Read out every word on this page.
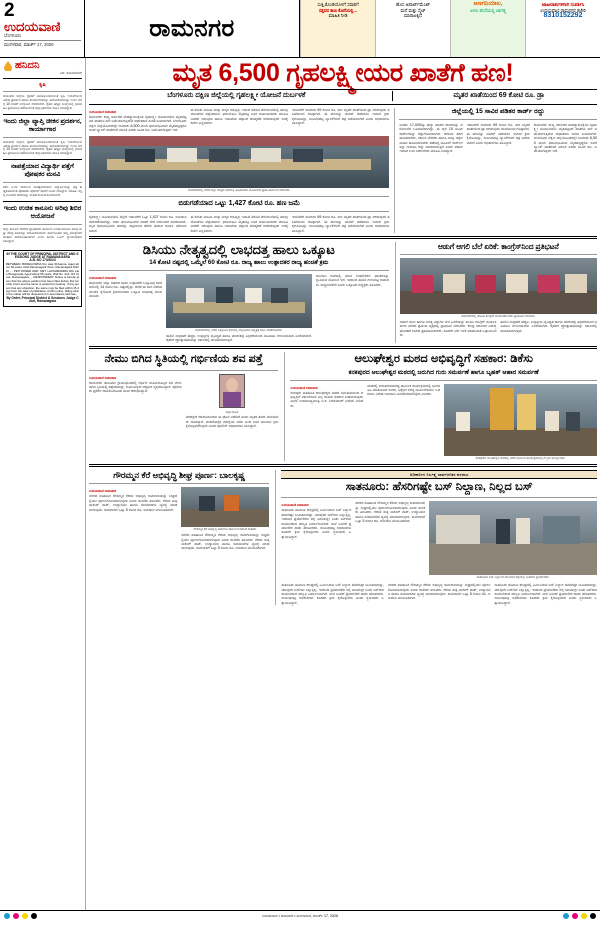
2
ಉದಯವಾಣಿ
ಬೆಂಗಳೂರು
ಮಂಗಳವಾರ, ಮಾರ್ಚ್ 17, 2026
ರಾಮನಗರ
ಸುತ್ತಿ,ಕೊಂಡಿಯೊಳಗೆ ಸವಾರಿಗೆ
ಸತ್ತವರ ಕಾಣ ಕೊನೆಯಲ್ಲಿ...
ಮಾಹಿತಿ ನೀಡಿ
ಹೊಸ ಅಪಾರ್ಟ್‌ಮೆಂಟ್
ಮನೆ ಮತ್ತು ಸೈಟ್
ಮಾರಾಟಕ್ಕಿದೆ
ಆಣಗನಿಯಾಲ,
ಏಳಲ ಹುದೆಯಲ್ಲಿ ಜಾಗತ್ಯ
ಜಾಹೀರಾತುಗಳಿಗಾಗಿ ಸಂಪರ್ಕಿಸಿ
ಉದಯವಾಣಿ ರಾಮನಗರ ಕಚೇರಿ
8310152292
ಹನಿದನಿ
ಎಸ್. ಸೋಮಶೇಖರ್
ಕೃಷಿ
ರಾಮನಗರ ಜಿಲ್ಲೆಯ ರೈತರಿಗೆ ಅನುಕೂಲವಾಗುವಂತೆ ಕೃಷಿ ಇಲಾಖೆಯಿಂದ ವಿಶೇಷ ಪ್ರದರ್ಶನ ಹಾಗೂ ಕಾರ್ಯಾಗಾರವನ್ನು ಆಯೋಜಿಸಲಾಗಿದ್ದು ಇಂದು ಬೆಳಗ್ಗೆ 10 ಗಂಟೆಗೆ ಉದ್ಘಾಟನೆ ನೆರವೇರಲಿದೆ. ರೈತರು ಹೆಚ್ಚಿನ ಸಂಖ್ಯೆಯಲ್ಲಿ ಭಾಗವಹಿಸಿ ಪ್ರಯೋಜನ ಪಡೆಯುವಂತೆ ಜಿಲ್ಲಾಧಿಕಾರಿಗಳು ಮನವಿ ಮಾಡಿದ್ದಾರೆ.
ಇಂದು ಜಿಲ್ಲಾ ವ್ಯಾಪ್ತಿ ಚೀಕನ ಪ್ರದರ್ಶನ, ಕಾರ್ಯಾಗಾರ
ರಾಮನಗರ ಜಿಲ್ಲೆಯ ರೈತರಿಗೆ ಅನುಕೂಲವಾಗುವಂತೆ ಕೃಷಿ ಇಲಾಖೆಯಿಂದ ವಿಶೇಷ ಪ್ರದರ್ಶನ ಹಾಗೂ ಕಾರ್ಯಾಗಾರವನ್ನು ಆಯೋಜಿಸಲಾಗಿದ್ದು ಇಂದು ಬೆಳಗ್ಗೆ 10 ಗಂಟೆಗೆ ಉದ್ಘಾಟನೆ ನೆರವೇರಲಿದೆ. ರೈತರು ಹೆಚ್ಚಿನ ಸಂಖ್ಯೆಯಲ್ಲಿ ಭಾಗವಹಿಸಿ ಪ್ರಯೋಜನ ಪಡೆಯುವಂತೆ ಜಿಲ್ಲಾಧಿಕಾರಿಗಳು ಮನವಿ ಮಾಡಿದ್ದಾರೆ.
ನಾಪತ್ತೆಯಾದ ವಿದ್ಯಾರ್ಥಿ ಪತ್ತೆಗೆ ಪೋಷಕರ ಮನವಿ
ಕಳೆದ ಒಂದು ವಾರದಿಂದ ನಾಪತ್ತೆಯಾಗಿರುವ ವಿದ್ಯಾರ್ಥಿಯನ್ನು ಪತ್ತೆ ಹಚ್ಚಿಕೊಡುವಂತೆ ಪೋಷಕರು ಪೊಲೀಸ್ ಠಾಣೆಗೆ ದೂರು ನೀಡಿದ್ದಾರೆ. ಮಾಹಿತಿ ಇದ್ದಲ್ಲಿ ಸಮೀಪದ ಠಾಣೆಯನ್ನು ಸಂಪರ್ಕಿಸುವಂತೆ ಕೋರಲಾಗಿದೆ.
ಇಂದು ಉಚಿತ ಕಾನೂನು ಅರಿವು ಶಿಬಿರ ಆಯೋಜನೆ
ಜಿಲ್ಲಾ ಕಾನೂನು ಸೇವೆಗಳ ಪ್ರಾಧಿಕಾರದ ವತಿಯಿಂದ ಉಚಿತ ಕಾನೂನು ಅರಿವು ಮತ್ತು ನೆರವು ಶಿಬಿರವನ್ನು ಆಯೋಜಿಸಲಾಗಿದೆ. ಸಾರ್ವಜನಿಕರು ತಮ್ಮ ಸಮಸ್ಯೆಗಳಿಗೆ ಪರಿಹಾರ ಪಡೆಯಬಹುದಾಗಿದೆ ಎಂದು ಹಿರಿಯ ಸಿವಿಲ್ ನ್ಯಾಯಾಧೀಶರು ತಿಳಿಸಿದ್ದಾರೆ.
IN THE COURT OF PRINCIPAL DISTRICT AND SESSIONS JUDGE AT RAMANAGARA
A.B. NO 173/2024
BETWEEN: BOREGOWDA S/o Late Shivanna, Aged about 62 years, R/at Ramanagara Town, Ramanagara District … PETITIONER AND: SMT. LAKSHMAMMA W/o Late Boregowda, Aged about 55 years, R/at No. 212, 3rd Cross, Ramanagara … RESPONDENT. Notice is hereby given that the above petition has been filed before this Hon'ble Court and the same is posted for hearing. If any person has any objection, the same may be filed within 15 days from the date of publication of this notice, failing which the matter will be disposed of in accordance with law.
By Order, Principal District & Sessions Judge Court, Ramanagara
ಮೃತ 6,500 ಗೃಹಲಕ್ಷ್ಮೀಯರ ಖಾತೆಗೆ ಹಣ!
ಬೆಂಗಳೂರು ದಕ್ಷಿಣ ಜಿಲ್ಲೆಯಲ್ಲಿ ಗೃಹಲಕ್ಷ್ಮೀ ಯೋಜನೆ ದುರ್ಬಳಕೆ	ಮೃತರ ಖಾತೆಯಿಂದ 69 ಕೋಟಿ ರೂ. ಡ್ರಾ
ಉದಯವಾಣಿ ಸಮಾಚಾರ
ರಾಮನಗರ: ರಾಜ್ಯ ಸರ್ಕಾರದ ಮಹತ್ವಾಕಾಂಕ್ಷೆಯ ಗೃಹಲಕ್ಷ್ಮೀ ಯೋಜನೆಯಡಿ ಮೃತಪಟ್ಟವರ ಖಾತೆಗೂ ಹಣ ಜಮೆಯಾಗುತ್ತಿರುವ ಆಘಾತಕಾರಿ ಸಂಗತಿ ಬಯಲಾಗಿದೆ. ಬೆಂಗಳೂರು ದಕ್ಷಿಣ ಜಿಲ್ಲೆಯೊಂದರಲ್ಲೇ ಸುಮಾರು 6,500 ಮಂದಿ ಫಲಾನುಭವಿಗಳು ಮೃತಪಟ್ಟಿದ್ದರೂ ಅವರ ಬ್ಯಾಂಕ್ ಖಾತೆಗಳಿಗೆ ಮಾಸಿಕ ಎರಡು ಸಾವಿರ ರೂ. ಜಮೆಯಾಗುತ್ತಲೇ ಇದೆ.
ಈ ಕುರಿತು ಮಹಿಳಾ ಮತ್ತು ಮಕ್ಕಳ ಅಭಿವೃದ್ಧಿ ಇಲಾಖೆ ನಡೆಸಿದ ಪರಿಶೀಲನೆಯಲ್ಲಿ ಹಲವು ಲೋಪಗಳು ಪತ್ತೆಯಾಗಿವೆ. ಫಲಾನುಭವಿ ಮೃತಪಟ್ಟ ಬಳಿಕ ಕುಟುಂಬದವರು ಮಾಹಿತಿ ನೀಡದೇ ಇರುವುದು ಹಾಗೂ ಇಲಾಖೆಯ ದತ್ತಾಂಶ ಪರಿಷ್ಕರಣೆ ಆಗದಿರುವುದೇ ಇದಕ್ಕೆ ಕಾರಣ ಎನ್ನಲಾಗಿದೆ.
ಇದುವರೆಗೆ ಸುಮಾರು 69 ಕೋಟಿ ರೂ. ಹಣ ಮೃತರ ಖಾತೆಗಳಿಂದ ಡ್ರಾ ಆಗಿರುವುದು ತನಿಖೆಯಿಂದ ಗೊತ್ತಾಗಿದೆ. ಈ ಹಣವನ್ನು ವಾಪಸ್ ಪಡೆಯಲು ಇಲಾಖೆ ಕ್ರಮ ಕೈಗೊಂಡಿದ್ದು, ಸಂಬಂಧಪಟ್ಟ ಬ್ಯಾಂಕ್‌ಗಳಿಗೆ ಪತ್ರ ಬರೆಯಲಾಗಿದೆ ಎಂದು ಅಧಿಕಾರಿಗಳು ತಿಳಿಸಿದ್ದಾರೆ.
ರಾಮನಗರದಲ್ಲಿ ನಡೆದ ಜಿಲ್ಲಾ ಮಟ್ಟದ ಸಭೆಯಲ್ಲಿ ಅಧಿಕಾರಿಗಳು ಯೋಜನೆಯ ಪ್ರಗತಿ ಪರಿಶೀಲನೆ ನಡೆಸಿದರು.
ಬಿಡುಗಡೆಯಾದ ಒಟ್ಟು 1,427 ಕೋಟಿ ರೂ. ಹಣ ಜಮೆ
ಗೃಹಲಕ್ಷ್ಮೀ ಯೋಜನೆಯಡಿ ಜಿಲ್ಲೆಗೆ ಇದುವರೆಗೆ ಒಟ್ಟು 1,427 ಕೋಟಿ ರೂ. ಅನುದಾನ ಬಿಡುಗಡೆಯಾಗಿದ್ದು, ಅರ್ಹ ಫಲಾನುಭವಿಗಳ ಖಾತೆಗೆ ನೇರ ವರ್ಗಾವಣೆ ಮಾಡಲಾಗಿದೆ. ಮೃತ ಫಲಾನುಭವಿಗಳ ಹೆಸರನ್ನು ಪಟ್ಟಿಯಿಂದ ತೆಗೆದು ಹಾಕುವ ಕಾರ್ಯ ಭರದಿಂದ ಸಾಗಿದೆ.
ಈ ಕುರಿತು ಮಹಿಳಾ ಮತ್ತು ಮಕ್ಕಳ ಅಭಿವೃದ್ಧಿ ಇಲಾಖೆ ನಡೆಸಿದ ಪರಿಶೀಲನೆಯಲ್ಲಿ ಹಲವು ಲೋಪಗಳು ಪತ್ತೆಯಾಗಿವೆ. ಫಲಾನುಭವಿ ಮೃತಪಟ್ಟ ಬಳಿಕ ಕುಟುಂಬದವರು ಮಾಹಿತಿ ನೀಡದೇ ಇರುವುದು ಹಾಗೂ ಇಲಾಖೆಯ ದತ್ತಾಂಶ ಪರಿಷ್ಕರಣೆ ಆಗದಿರುವುದೇ ಇದಕ್ಕೆ ಕಾರಣ ಎನ್ನಲಾಗಿದೆ.
ಇದುವರೆಗೆ ಸುಮಾರು 69 ಕೋಟಿ ರೂ. ಹಣ ಮೃತರ ಖಾತೆಗಳಿಂದ ಡ್ರಾ ಆಗಿರುವುದು ತನಿಖೆಯಿಂದ ಗೊತ್ತಾಗಿದೆ. ಈ ಹಣವನ್ನು ವಾಪಸ್ ಪಡೆಯಲು ಇಲಾಖೆ ಕ್ರಮ ಕೈಗೊಂಡಿದ್ದು, ಸಂಬಂಧಪಟ್ಟ ಬ್ಯಾಂಕ್‌ಗಳಿಗೆ ಪತ್ರ ಬರೆಯಲಾಗಿದೆ ಎಂದು ಅಧಿಕಾರಿಗಳು ತಿಳಿಸಿದ್ದಾರೆ.
ಜಿಲ್ಲೆಯಲ್ಲಿ 15 ಸಾವಿರ ಪಡಿತರ ಕಾರ್ಡ್ ರದ್ದು
ಅನರ್ಹ 17,000ಕ್ಕೂ ಹೆಚ್ಚು ಪಡಿತರ ಚೀಟಿಗಳನ್ನು ಪರಿಶೀಲನೆಗೆ ಒಳಪಡಿಸಲಾಗಿದ್ದು, ಈ ಪೈಕಿ 15 ಸಾವಿರ ಕಾರ್ಡ್‌ಗಳನ್ನು ರದ್ದುಗೊಳಿಸಲಾಗಿದೆ. ಆದಾಯ ತೆರಿಗೆ ಪಾವತಿದಾರರು, ಸರ್ಕಾರಿ ನೌಕರರು ಹಾಗೂ ನಾಲ್ಕು ಚಕ್ರದ ವಾಹನ ಹೊಂದಿರುವವರು ಪಡೆದಿದ್ದ ಬಿಪಿಎಲ್ ಕಾರ್ಡ್‌ಗಳನ್ನು ಗುರುತಿಸಿ ರದ್ದು ಮಾಡಲಾಗುತ್ತಿದೆ ಎಂದು ಆಹಾರ ಇಲಾಖೆ ಉಪ ನಿರ್ದೇಶಕರು ಮಾಹಿತಿ ನೀಡಿದ್ದಾರೆ.
ಇದುವರೆಗೆ ಸುಮಾರು 69 ಕೋಟಿ ರೂ. ಹಣ ಮೃತರ ಖಾತೆಗಳಿಂದ ಡ್ರಾ ಆಗಿರುವುದು ತನಿಖೆಯಿಂದ ಗೊತ್ತಾಗಿದೆ. ಈ ಹಣವನ್ನು ವಾಪಸ್ ಪಡೆಯಲು ಇಲಾಖೆ ಕ್ರಮ ಕೈಗೊಂಡಿದ್ದು, ಸಂಬಂಧಪಟ್ಟ ಬ್ಯಾಂಕ್‌ಗಳಿಗೆ ಪತ್ರ ಬರೆಯಲಾಗಿದೆ ಎಂದು ಅಧಿಕಾರಿಗಳು ತಿಳಿಸಿದ್ದಾರೆ.
ರಾಮನಗರ: ರಾಜ್ಯ ಸರ್ಕಾರದ ಮಹತ್ವಾಕಾಂಕ್ಷೆಯ ಗೃಹಲಕ್ಷ್ಮೀ ಯೋಜನೆಯಡಿ ಮೃತಪಟ್ಟವರ ಖಾತೆಗೂ ಹಣ ಜಮೆಯಾಗುತ್ತಿರುವ ಆಘಾತಕಾರಿ ಸಂಗತಿ ಬಯಲಾಗಿದೆ. ಬೆಂಗಳೂರು ದಕ್ಷಿಣ ಜಿಲ್ಲೆಯೊಂದರಲ್ಲೇ ಸುಮಾರು 6,500 ಮಂದಿ ಫಲಾನುಭವಿಗಳು ಮೃತಪಟ್ಟಿದ್ದರೂ ಅವರ ಬ್ಯಾಂಕ್ ಖಾತೆಗಳಿಗೆ ಮಾಸಿಕ ಎರಡು ಸಾವಿರ ರೂ. ಜಮೆಯಾಗುತ್ತಲೇ ಇದೆ.
ಡಿಸಿಯು ನೇತೃತ್ವದಲ್ಲಿ ಲಾಭದತ್ತ ಹಾಲು ಒಕ್ಕೂಟ
14 ಕೋಟಿ ನಷ್ಟದಲ್ಲಿ ಒಮ್ಮೆಲೆ 60 ಕೋಟಿ ರೂ. ರಾಜ್ಯ ಹಾಲು ಉತ್ಪಾದಕರ ರಾಜ್ಯ ಹಂಚಿಕೆ ಕ್ರಮ
ಉದಯವಾಣಿ ಸಮಾಚಾರ
ರಾಮನಗರ: ಜಿಲ್ಲಾ ಸಹಕಾರ ಹಾಲು ಉತ್ಪಾದಕರ ಒಕ್ಕೂಟವು ಕಳೆದ ಸಾಲಿನಲ್ಲಿ 14 ಕೋಟಿ ರೂ. ನಷ್ಟದಲ್ಲಿತ್ತು. ಆದರೆ ಈ ಬಾರಿ ಆಡಳಿತ ಮಂಡಳಿ ಕೈಗೊಂಡ ಕ್ರಮಗಳಿಂದಾಗಿ ಒಕ್ಕೂಟ ಲಾಭದತ್ತ ಮುಖ ಮಾಡಿದೆ.
ರಾಮನಗರದಲ್ಲಿ ನಡೆದ ಒಕ್ಕೂಟದ ಸಭೆಯಲ್ಲಿ ಜಿಲ್ಲಾಧಿಕಾರಿ ಅಧ್ಯಕ್ಷತೆ ವಹಿಸಿ ಮಾತನಾಡಿದರು.
ಹಾಲಿನ ಸಂಗ್ರಹಣೆ ಹೆಚ್ಚಳ, ಉತ್ಪನ್ನಗಳ ವೈವಿಧ್ಯತೆ ಹಾಗೂ ಮಾರುಕಟ್ಟೆ ವಿಸ್ತರಣೆಯಿಂದ ವಹಿವಾಟು ಗಣನೀಯವಾಗಿ ಏರಿಕೆಯಾಗಿದೆ. ರೈತರಿಗೆ ಪ್ರೋತ್ಸಾಹಧನವನ್ನು ಸಕಾಲದಲ್ಲಿ ಪಾವತಿಸಲಾಗುತ್ತಿದೆ.
ಮುಂದಿನ ದಿನಗಳಲ್ಲಿ ಹೊಸ ಶೀಥಲೀಕರಣ ಘಟಕಗಳನ್ನು ಸ್ಥಾಪಿಸುವ ಯೋಜನೆ ಇದೆ. ಇದರಿಂದ ಹಾಲಿನ ಗುಣಮಟ್ಟ ಕಾಪಾಡಲು ಸಾಧ್ಯವಾಗಲಿದೆ ಎಂದು ಒಕ್ಕೂಟದ ಅಧ್ಯಕ್ಷರು ತಿಳಿಸಿದರು.
ಆಡುಗೆ ಆಗಲಿ ಬೆಲೆ ಏರಿಕೆ: ಕಾಂಗ್ರೆಸ್‌ನಿಂದ ಪ್ರತಿಭಟನೆ
ರಾಮನಗರದಲ್ಲಿ ಮಹಿಳಾ ಕಾಂಗ್ರೆಸ್ ಕಾರ್ಯಕರ್ತೆಯರು ಪ್ರತಿಭಟನೆ ನಡೆಸಿದರು.
ಅಡುಗೆ ಅನಿಲ ಹಾಗೂ ಅಗತ್ಯ ವಸ್ತುಗಳ ಬೆಲೆ ಏರಿಕೆಯನ್ನು ಖಂಡಿಸಿ ಕಾಂಗ್ರೆಸ್ ಕಾರ್ಯಕರ್ತರು ನಗರದ ಪ್ರಮುಖ ವೃತ್ತದಲ್ಲಿ ಪ್ರತಿಭಟನೆ ನಡೆಸಿದರು. ಕೇಂದ್ರ ಸರ್ಕಾರದ ವಿರುದ್ಧ ಘೋಷಣೆ ಕೂಗಿದ ಪ್ರತಿಭಟನಾಕಾರರು, ಕೂಡಲೇ ಬೆಲೆ ಇಳಿಕೆ ಮಾಡುವಂತೆ ಒತ್ತಾಯಿಸಿದರು.
ಹಾಲಿನ ಸಂಗ್ರಹಣೆ ಹೆಚ್ಚಳ, ಉತ್ಪನ್ನಗಳ ವೈವಿಧ್ಯತೆ ಹಾಗೂ ಮಾರುಕಟ್ಟೆ ವಿಸ್ತರಣೆಯಿಂದ ವಹಿವಾಟು ಗಣನೀಯವಾಗಿ ಏರಿಕೆಯಾಗಿದೆ. ರೈತರಿಗೆ ಪ್ರೋತ್ಸಾಹಧನವನ್ನು ಸಕಾಲದಲ್ಲಿ ಪಾವತಿಸಲಾಗುತ್ತಿದೆ.
ನೇಮು ಬಿಗಿದ ಸ್ಥಿತಿಯಲ್ಲಿ ಗರ್ಭಿಣಿಯ ಶವ ಪತ್ತೆ
ಉದಯವಾಣಿ ಸಮಾಚಾರ
ರಾಮನಗರ: ತಾಲೂಕಿನ ಗ್ರಾಮವೊಂದರಲ್ಲಿ ಗರ್ಭಿಣಿ ಮಹಿಳೆಯೊಬ್ಬರ ಶವ ನೇಣು ಬಿಗಿದ ಸ್ಥಿತಿಯಲ್ಲಿ ಪತ್ತೆಯಾಗಿದ್ದು, ಕುಟುಂಬಸ್ಥರು ಆಕ್ರೋಶ ವ್ಯಕ್ತಪಡಿಸಿದ್ದಾರೆ. ಪೊಲೀಸರು ಪ್ರಕರಣ ದಾಖಲಿಸಿಕೊಂಡು ತನಿಖೆ ಆರಂಭಿಸಿದ್ದಾರೆ.
ಮೃತ ಮಹಿಳೆ
ವರದಕ್ಷಿಣೆ ಕಿರುಕುಳದಿಂದಾಗಿ ಈ ಘಟನೆ ನಡೆದಿದೆ ಎಂದು ಮೃತರ ತವರು ಮನೆಯವರು ದೂರಿದ್ದಾರೆ. ಮರಣೋತ್ತರ ಪರೀಕ್ಷೆಯ ವರದಿ ಬಂದ ಬಳಿಕ ಮುಂದಿನ ಕ್ರಮ ಕೈಗೊಳ್ಳಲಾಗುವುದು ಎಂದು ಪೊಲೀಸ್ ಅಧಿಕಾರಿಗಳು ತಿಳಿಸಿದ್ದಾರೆ.
ಆಲುಘೇಶ್ವರ ಮಠದ ಅಭಿವೃದ್ಧಿಗೆ ಸಹಕಾರ: ಡಿಕೆಸು
ಕನಕಪುರದ ಆಲುಘೇಶ್ವರ ಮಠದಲ್ಲಿ ಜರುಗಿದ ಗುರು ಸಮರ್ಪಣೆ ಹಾಗೂ ಬೃಹತ್ ಆಹಾರ ಸಮರ್ಪಣೆ
ಉದಯವಾಣಿ ಸಮಾಚಾರ
ಕನಕಪುರ: ಐತಿಹಾಸಿಕ ಆಲುಘೇಶ್ವರ ಮಠದ ಸರ್ವತೋಮುಖ ಅಭಿವೃದ್ಧಿಗೆ ಸರ್ಕಾರದಿಂದ ಎಲ್ಲ ರೀತಿಯ ಸಹಕಾರ ನೀಡಲಾಗುವುದು ಎಂದು ಉಪಮುಖ್ಯಮಂತ್ರಿ ಡಿ.ಕೆ. ಶಿವಕುಮಾರ್ ಭರವಸೆ ನೀಡಿದರು.
ಮಠದಲ್ಲಿ ಆಯೋಜಿಸಲಾಗಿದ್ದ ಧಾರ್ಮಿಕ ಕಾರ್ಯಕ್ರಮದಲ್ಲಿ ಭಾಗವಹಿಸಿ ಮಾತನಾಡಿದ ಅವರು, ಭಕ್ತರಿಗೆ ಅಗತ್ಯ ಮೂಲಸೌಕರ್ಯ ಒದಗಿಸಲು ವಿಶೇಷ ಅನುದಾನ ಮೀಸಲಿಡಲಾಗುವುದು ಎಂದರು.
ಕನಕಪುರದ ಆಲುಘೇಶ್ವರ ಮಠದಲ್ಲಿ ನಡೆದ ಧಾರ್ಮಿಕ ಕಾರ್ಯಕ್ರಮದಲ್ಲಿ ಗಣ್ಯರು ಪಾಲ್ಗೊಂಡರು.
ಗೌರಮ್ಮನ ಕೆರೆ ಅಭಿವೃದ್ಧಿ ಶೀಘ್ರ ಪೂರ್ಣ: ಬಾಲಕೃಷ್ಣ
ಉದಯವಾಣಿ ಸಮಾಚಾರ
ನಗರದ ಐತಿಹಾಸಿಕ ಗೌರಮ್ಮನ ಕೆರೆಯ ಅಭಿವೃದ್ಧಿ ಕಾಮಗಾರಿಯನ್ನು ಶೀಘ್ರದಲ್ಲಿಯೇ ಪೂರ್ಣಗೊಳಿಸಲಾಗುವುದು ಎಂದು ಶಾಸಕರು ತಿಳಿಸಿದರು. ಕೆರೆಯ ಸುತ್ತ ವಾಕಿಂಗ್ ಪಾತ್, ಉದ್ಯಾನವನ ಹಾಗೂ ಬೀದಿದೀಪಗಳ ವ್ಯವಸ್ಥೆ ಮಾಡಲಾಗುವುದು. ಕಾಮಗಾರಿಗೆ ಒಟ್ಟು 5 ಕೋಟಿ ರೂ. ಅನುದಾನ ಮಂಜೂರಾಗಿದೆ.
ಗೌರಮ್ಮನ ಕೆರೆ ಅಭಿವೃದ್ಧಿ ಕಾಮಗಾರಿ ಪರಿಶೀಲನೆ ನಡೆಸಿದ ಶಾಸಕರು.
ನಗರದ ಐತಿಹಾಸಿಕ ಗೌರಮ್ಮನ ಕೆರೆಯ ಅಭಿವೃದ್ಧಿ ಕಾಮಗಾರಿಯನ್ನು ಶೀಘ್ರದಲ್ಲಿಯೇ ಪೂರ್ಣಗೊಳಿಸಲಾಗುವುದು ಎಂದು ಶಾಸಕರು ತಿಳಿಸಿದರು. ಕೆರೆಯ ಸುತ್ತ ವಾಕಿಂಗ್ ಪಾತ್, ಉದ್ಯಾನವನ ಹಾಗೂ ಬೀದಿದೀಪಗಳ ವ್ಯವಸ್ಥೆ ಮಾಡಲಾಗುವುದು. ಕಾಮಗಾರಿಗೆ ಒಟ್ಟು 5 ಕೋಟಿ ರೂ. ಅನುದಾನ ಮಂಜೂರಾಗಿದೆ.
ಅಧಿಕಾರಿಗಳ ನಿರ್ಲಕ್ಷ್ಯ ಸಾರ್ವಜನಿಕರ ಪರದಾಟ
ಸಾತನೂರು: ಹೆಸರಿಗಷ್ಟೇ ಬಸ್ ನಿಲ್ದಾಣ, ನಿಲ್ಲದ ಬಸ್
ಉದಯವಾಣಿ ಸಮಾಚಾರ
ಸಾತನೂರು ಹೋಬಳಿ ಕೇಂದ್ರದಲ್ಲಿ ನಿರ್ಮಿಸಿರುವ ಬಸ್ ನಿಲ್ದಾಣ ಹೆಸರಿಗಷ್ಟೇ ಸೀಮಿತವಾಗಿದ್ದು, ಯಾವುದೇ ಬಸ್‌ಗಳು ನಿಲ್ಲುತ್ತಿಲ್ಲ. ಇದರಿಂದ ಪ್ರಯಾಣಿಕರು ರಸ್ತೆ ಬದಿಯಲ್ಲೇ ನಿಂತು ಬಸ್‌ಗಾಗಿ ಕಾಯಬೇಕಾದ ಪರಿಸ್ಥಿತಿ ನಿರ್ಮಾಣವಾಗಿದೆ. ಮಳೆ ಬಂದರೆ ಪ್ರಯಾಣಿಕರ ಪಾಡು ಹೇಳತೀರದು. ಸಂಬಂಧಪಟ್ಟ ಅಧಿಕಾರಿಗಳು ಕೂಡಲೇ ಕ್ರಮ ಕೈಗೊಳ್ಳಬೇಕು ಎಂದು ಸ್ಥಳೀಯರು ಒತ್ತಾಯಿಸಿದ್ದಾರೆ.
ನಗರದ ಐತಿಹಾಸಿಕ ಗೌರಮ್ಮನ ಕೆರೆಯ ಅಭಿವೃದ್ಧಿ ಕಾಮಗಾರಿಯನ್ನು ಶೀಘ್ರದಲ್ಲಿಯೇ ಪೂರ್ಣಗೊಳಿಸಲಾಗುವುದು ಎಂದು ಶಾಸಕರು ತಿಳಿಸಿದರು. ಕೆರೆಯ ಸುತ್ತ ವಾಕಿಂಗ್ ಪಾತ್, ಉದ್ಯಾನವನ ಹಾಗೂ ಬೀದಿದೀಪಗಳ ವ್ಯವಸ್ಥೆ ಮಾಡಲಾಗುವುದು. ಕಾಮಗಾರಿಗೆ ಒಟ್ಟು 5 ಕೋಟಿ ರೂ. ಅನುದಾನ ಮಂಜೂರಾಗಿದೆ.
ಸಾತನೂರಿನ ಬಸ್ ನಿಲ್ದಾಣದ ಮುಂಭಾಗ ರಸ್ತೆಯಲ್ಲಿ ನಿಂತಿರುವ ಪ್ರಯಾಣಿಕರು.
ಸಾತನೂರು ಹೋಬಳಿ ಕೇಂದ್ರದಲ್ಲಿ ನಿರ್ಮಿಸಿರುವ ಬಸ್ ನಿಲ್ದಾಣ ಹೆಸರಿಗಷ್ಟೇ ಸೀಮಿತವಾಗಿದ್ದು, ಯಾವುದೇ ಬಸ್‌ಗಳು ನಿಲ್ಲುತ್ತಿಲ್ಲ. ಇದರಿಂದ ಪ್ರಯಾಣಿಕರು ರಸ್ತೆ ಬದಿಯಲ್ಲೇ ನಿಂತು ಬಸ್‌ಗಾಗಿ ಕಾಯಬೇಕಾದ ಪರಿಸ್ಥಿತಿ ನಿರ್ಮಾಣವಾಗಿದೆ. ಮಳೆ ಬಂದರೆ ಪ್ರಯಾಣಿಕರ ಪಾಡು ಹೇಳತೀರದು. ಸಂಬಂಧಪಟ್ಟ ಅಧಿಕಾರಿಗಳು ಕೂಡಲೇ ಕ್ರಮ ಕೈಗೊಳ್ಳಬೇಕು ಎಂದು ಸ್ಥಳೀಯರು ಒತ್ತಾಯಿಸಿದ್ದಾರೆ.
ನಗರದ ಐತಿಹಾಸಿಕ ಗೌರಮ್ಮನ ಕೆರೆಯ ಅಭಿವೃದ್ಧಿ ಕಾಮಗಾರಿಯನ್ನು ಶೀಘ್ರದಲ್ಲಿಯೇ ಪೂರ್ಣಗೊಳಿಸಲಾಗುವುದು ಎಂದು ಶಾಸಕರು ತಿಳಿಸಿದರು. ಕೆರೆಯ ಸುತ್ತ ವಾಕಿಂಗ್ ಪಾತ್, ಉದ್ಯಾನವನ ಹಾಗೂ ಬೀದಿದೀಪಗಳ ವ್ಯವಸ್ಥೆ ಮಾಡಲಾಗುವುದು. ಕಾಮಗಾರಿಗೆ ಒಟ್ಟು 5 ಕೋಟಿ ರೂ. ಅನುದಾನ ಮಂಜೂರಾಗಿದೆ.
ಸಾತನೂರು ಹೋಬಳಿ ಕೇಂದ್ರದಲ್ಲಿ ನಿರ್ಮಿಸಿರುವ ಬಸ್ ನಿಲ್ದಾಣ ಹೆಸರಿಗಷ್ಟೇ ಸೀಮಿತವಾಗಿದ್ದು, ಯಾವುದೇ ಬಸ್‌ಗಳು ನಿಲ್ಲುತ್ತಿಲ್ಲ. ಇದರಿಂದ ಪ್ರಯಾಣಿಕರು ರಸ್ತೆ ಬದಿಯಲ್ಲೇ ನಿಂತು ಬಸ್‌ಗಾಗಿ ಕಾಯಬೇಕಾದ ಪರಿಸ್ಥಿತಿ ನಿರ್ಮಾಣವಾಗಿದೆ. ಮಳೆ ಬಂದರೆ ಪ್ರಯಾಣಿಕರ ಪಾಡು ಹೇಳತೀರದು. ಸಂಬಂಧಪಟ್ಟ ಅಧಿಕಾರಿಗಳು ಕೂಡಲೇ ಕ್ರಮ ಕೈಗೊಳ್ಳಬೇಕು ಎಂದು ಸ್ಥಳೀಯರು ಒತ್ತಾಯಿಸಿದ್ದಾರೆ.
ಉದಯವಾಣಿ • ರಾಮನಗರ • ಮಂಗಳವಾರ, ಮಾರ್ಚ್ 17, 2026
